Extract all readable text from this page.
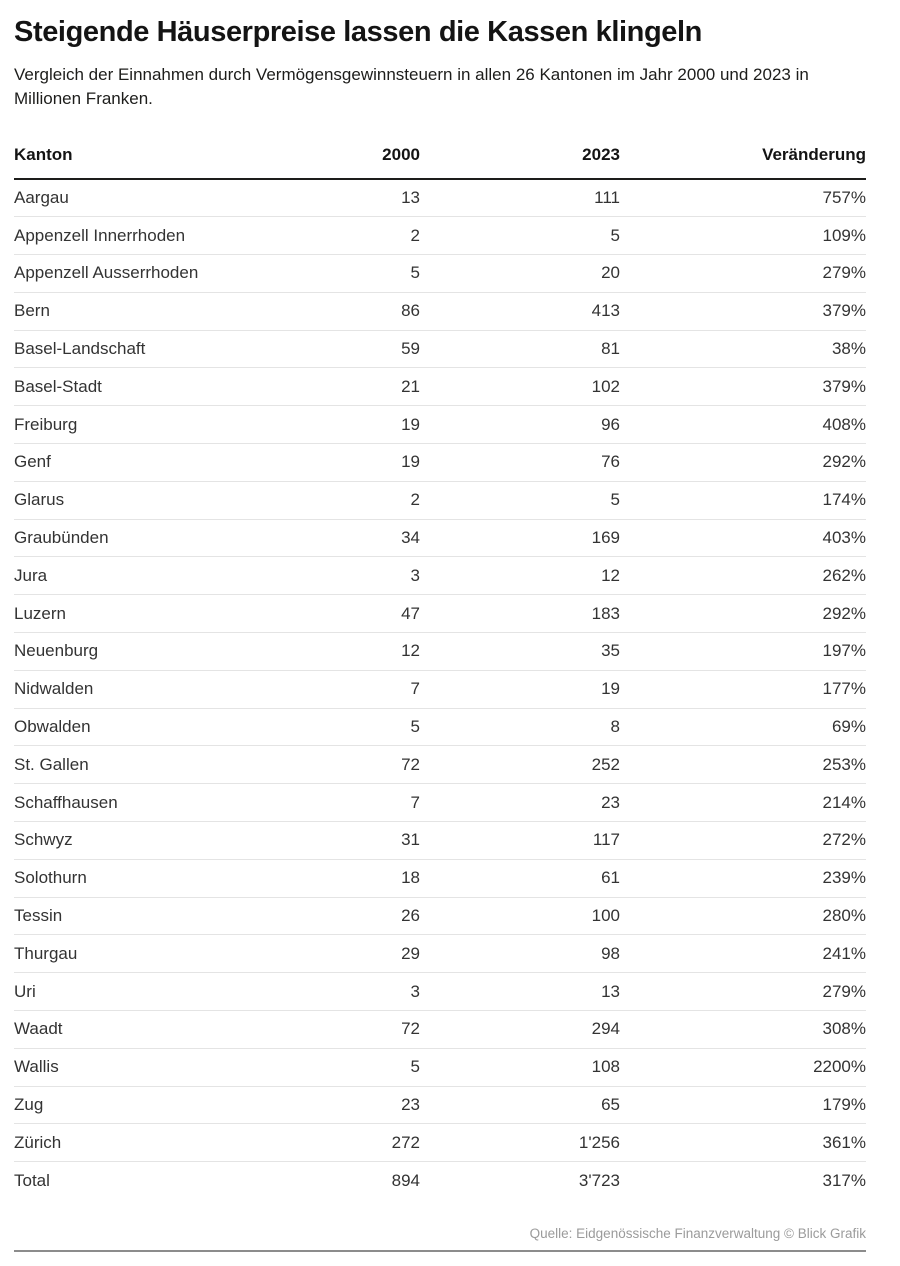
Steigende Häuserpreise lassen die Kassen klingeln

Vergleich der Einnahmen durch Vermögensgewinnsteuern in allen 26 Kantonen im Jahr 2000 und 2023 in Millionen Franken.

Kanton	2000	2023	Veränderung
Aargau	13	111	757%
Appenzell Innerrhoden	2	5	109%
Appenzell Ausserrhoden	5	20	279%
Bern	86	413	379%
Basel-Landschaft	59	81	38%
Basel-Stadt	21	102	379%
Freiburg	19	96	408%
Genf	19	76	292%
Glarus	2	5	174%
Graubünden	34	169	403%
Jura	3	12	262%
Luzern	47	183	292%
Neuenburg	12	35	197%
Nidwalden	7	19	177%
Obwalden	5	8	69%
St. Gallen	72	252	253%
Schaffhausen	7	23	214%
Schwyz	31	117	272%
Solothurn	18	61	239%
Tessin	26	100	280%
Thurgau	29	98	241%
Uri	3	13	279%
Waadt	72	294	308%
Wallis	5	108	2200%
Zug	23	65	179%
Zürich	272	1'256	361%
Total	894	3'723	317%
Quelle: Eidgenössische Finanzverwaltung © Blick Grafik
